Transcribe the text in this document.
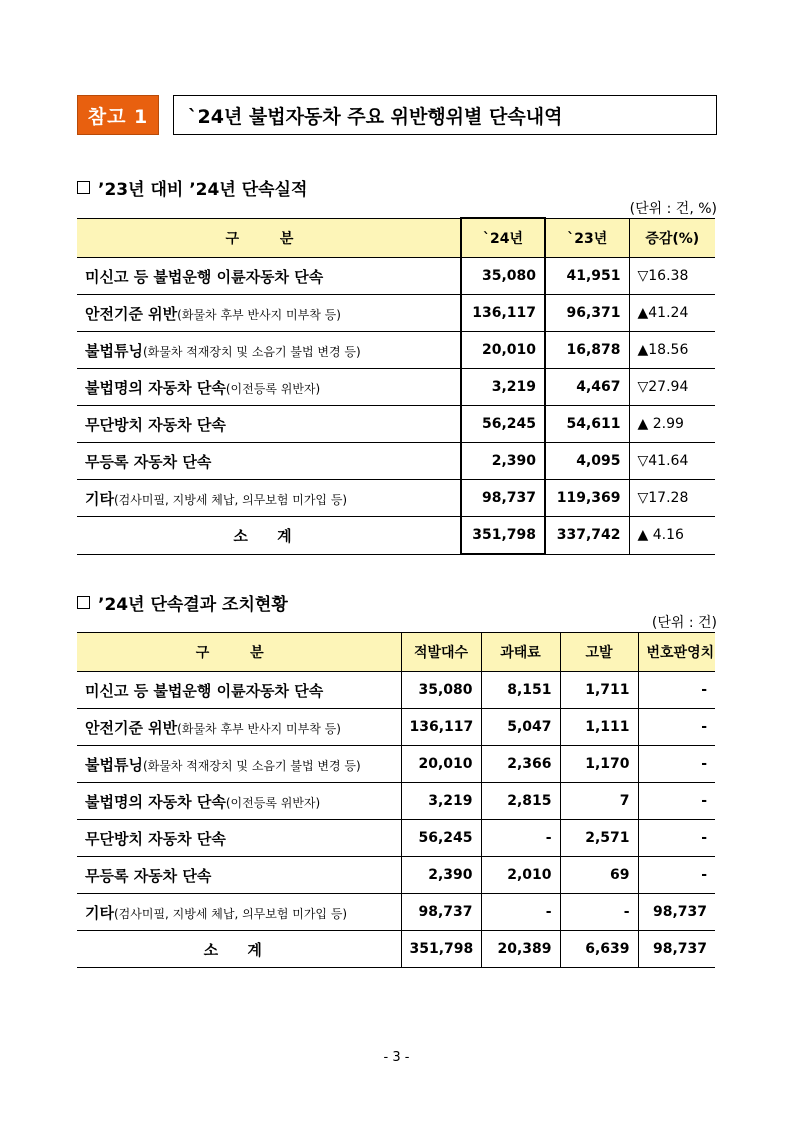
참고 1	`24년 불법자동차 주요 위반행위별 단속내역
’23년 대비 ’24년 단속실적
(단위 : 건, %)
구 분	`24년	`23년	증감(%)
미신고 등 불법운행 이륜자동차 단속	35,080	41,951	▽16.38
안전기준 위반(화물차 후부 반사지 미부착 등)	136,117	96,371	▲41.24
불법튜닝(화물차 적재장치 및 소음기 불법 변경 등)	20,010	16,878	▲18.56
불법명의 자동차 단속(이전등록 위반자)	3,219	4,467	▽27.94
무단방치 자동차 단속	56,245	54,611	▲ 2.99
무등록 자동차 단속	2,390	4,095	▽41.64
기타(검사미필, 지방세 체납, 의무보험 미가입 등)	98,737	119,369	▽17.28
소 계	351,798	337,742	▲ 4.16
’24년 단속결과 조치현황
(단위 : 건)
구 분	적발대수	과태료	고발	번호판영치
미신고 등 불법운행 이륜자동차 단속	35,080	8,151	1,711	-
안전기준 위반(화물차 후부 반사지 미부착 등)	136,117	5,047	1,111	-
불법튜닝(화물차 적재장치 및 소음기 불법 변경 등)	20,010	2,366	1,170	-
불법명의 자동차 단속(이전등록 위반자)	3,219	2,815	7	-
무단방치 자동차 단속	56,245	-	2,571	-
무등록 자동차 단속	2,390	2,010	69	-
기타(검사미필, 지방세 체납, 의무보험 미가입 등)	98,737	-	-	98,737
소 계	351,798	20,389	6,639	98,737
- 3 -
